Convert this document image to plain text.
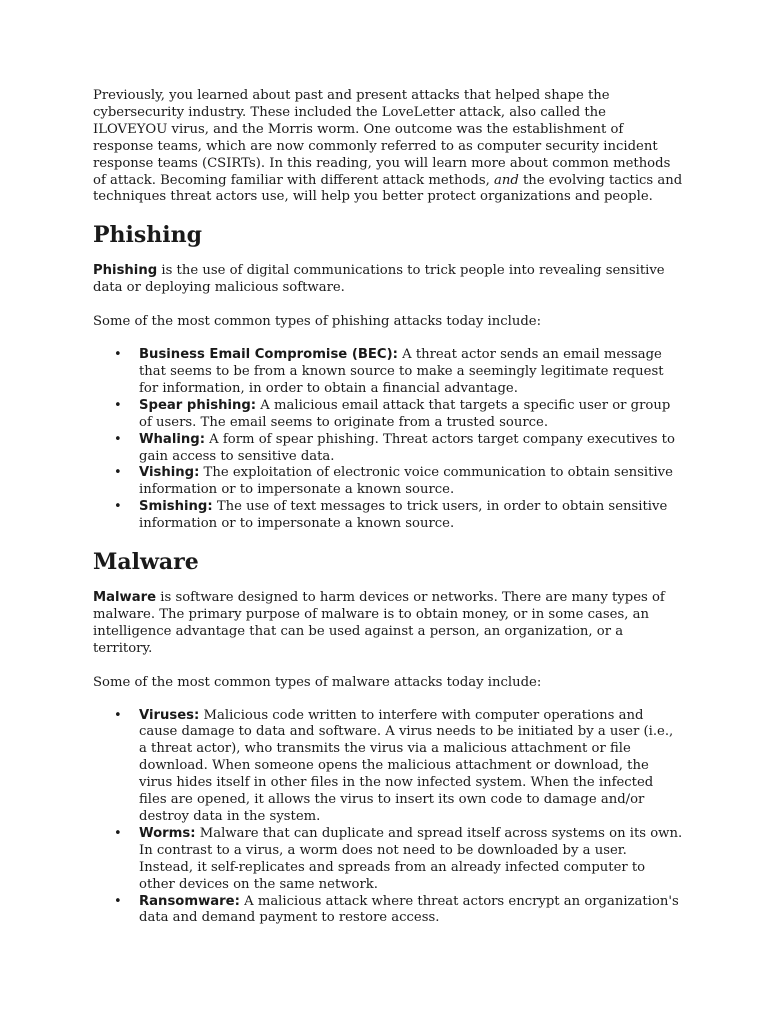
Previously, you learned about past and present attacks that helped shape the cybersecurity industry. These included the LoveLetter attack, also called the ILOVEYOU virus, and the Morris worm. One outcome was the establishment of response teams, which are now commonly referred to as computer security incident response teams (CSIRTs). In this reading, you will learn more about common methods of attack. Becoming familiar with different attack methods, and the evolving tactics and techniques threat actors use, will help you better protect organizations and people.

Phishing

Phishing is the use of digital communications to trick people into revealing sensitive data or deploying malicious software.

Some of the most common types of phishing attacks today include:

• Business Email Compromise (BEC): A threat actor sends an email message that seems to be from a known source to make a seemingly legitimate request for information, in order to obtain a financial advantage.
• Spear phishing: A malicious email attack that targets a specific user or group of users. The email seems to originate from a trusted source.
• Whaling: A form of spear phishing. Threat actors target company executives to gain access to sensitive data.
• Vishing: The exploitation of electronic voice communication to obtain sensitive information or to impersonate a known source.
• Smishing: The use of text messages to trick users, in order to obtain sensitive information or to impersonate a known source.
Malware

Malware is software designed to harm devices or networks. There are many types of malware. The primary purpose of malware is to obtain money, or in some cases, an intelligence advantage that can be used against a person, an organization, or a territory.

Some of the most common types of malware attacks today include:

• Viruses: Malicious code written to interfere with computer operations and cause damage to data and software. A virus needs to be initiated by a user (i.e., a threat actor), who transmits the virus via a malicious attachment or file download. When someone opens the malicious attachment or download, the virus hides itself in other files in the now infected system. When the infected files are opened, it allows the virus to insert its own code to damage and/or destroy data in the system.
• Worms: Malware that can duplicate and spread itself across systems on its own. In contrast to a virus, a worm does not need to be downloaded by a user. Instead, it self-replicates and spreads from an already infected computer to other devices on the same network.
• Ransomware: A malicious attack where threat actors encrypt an organization's data and demand payment to restore access.
